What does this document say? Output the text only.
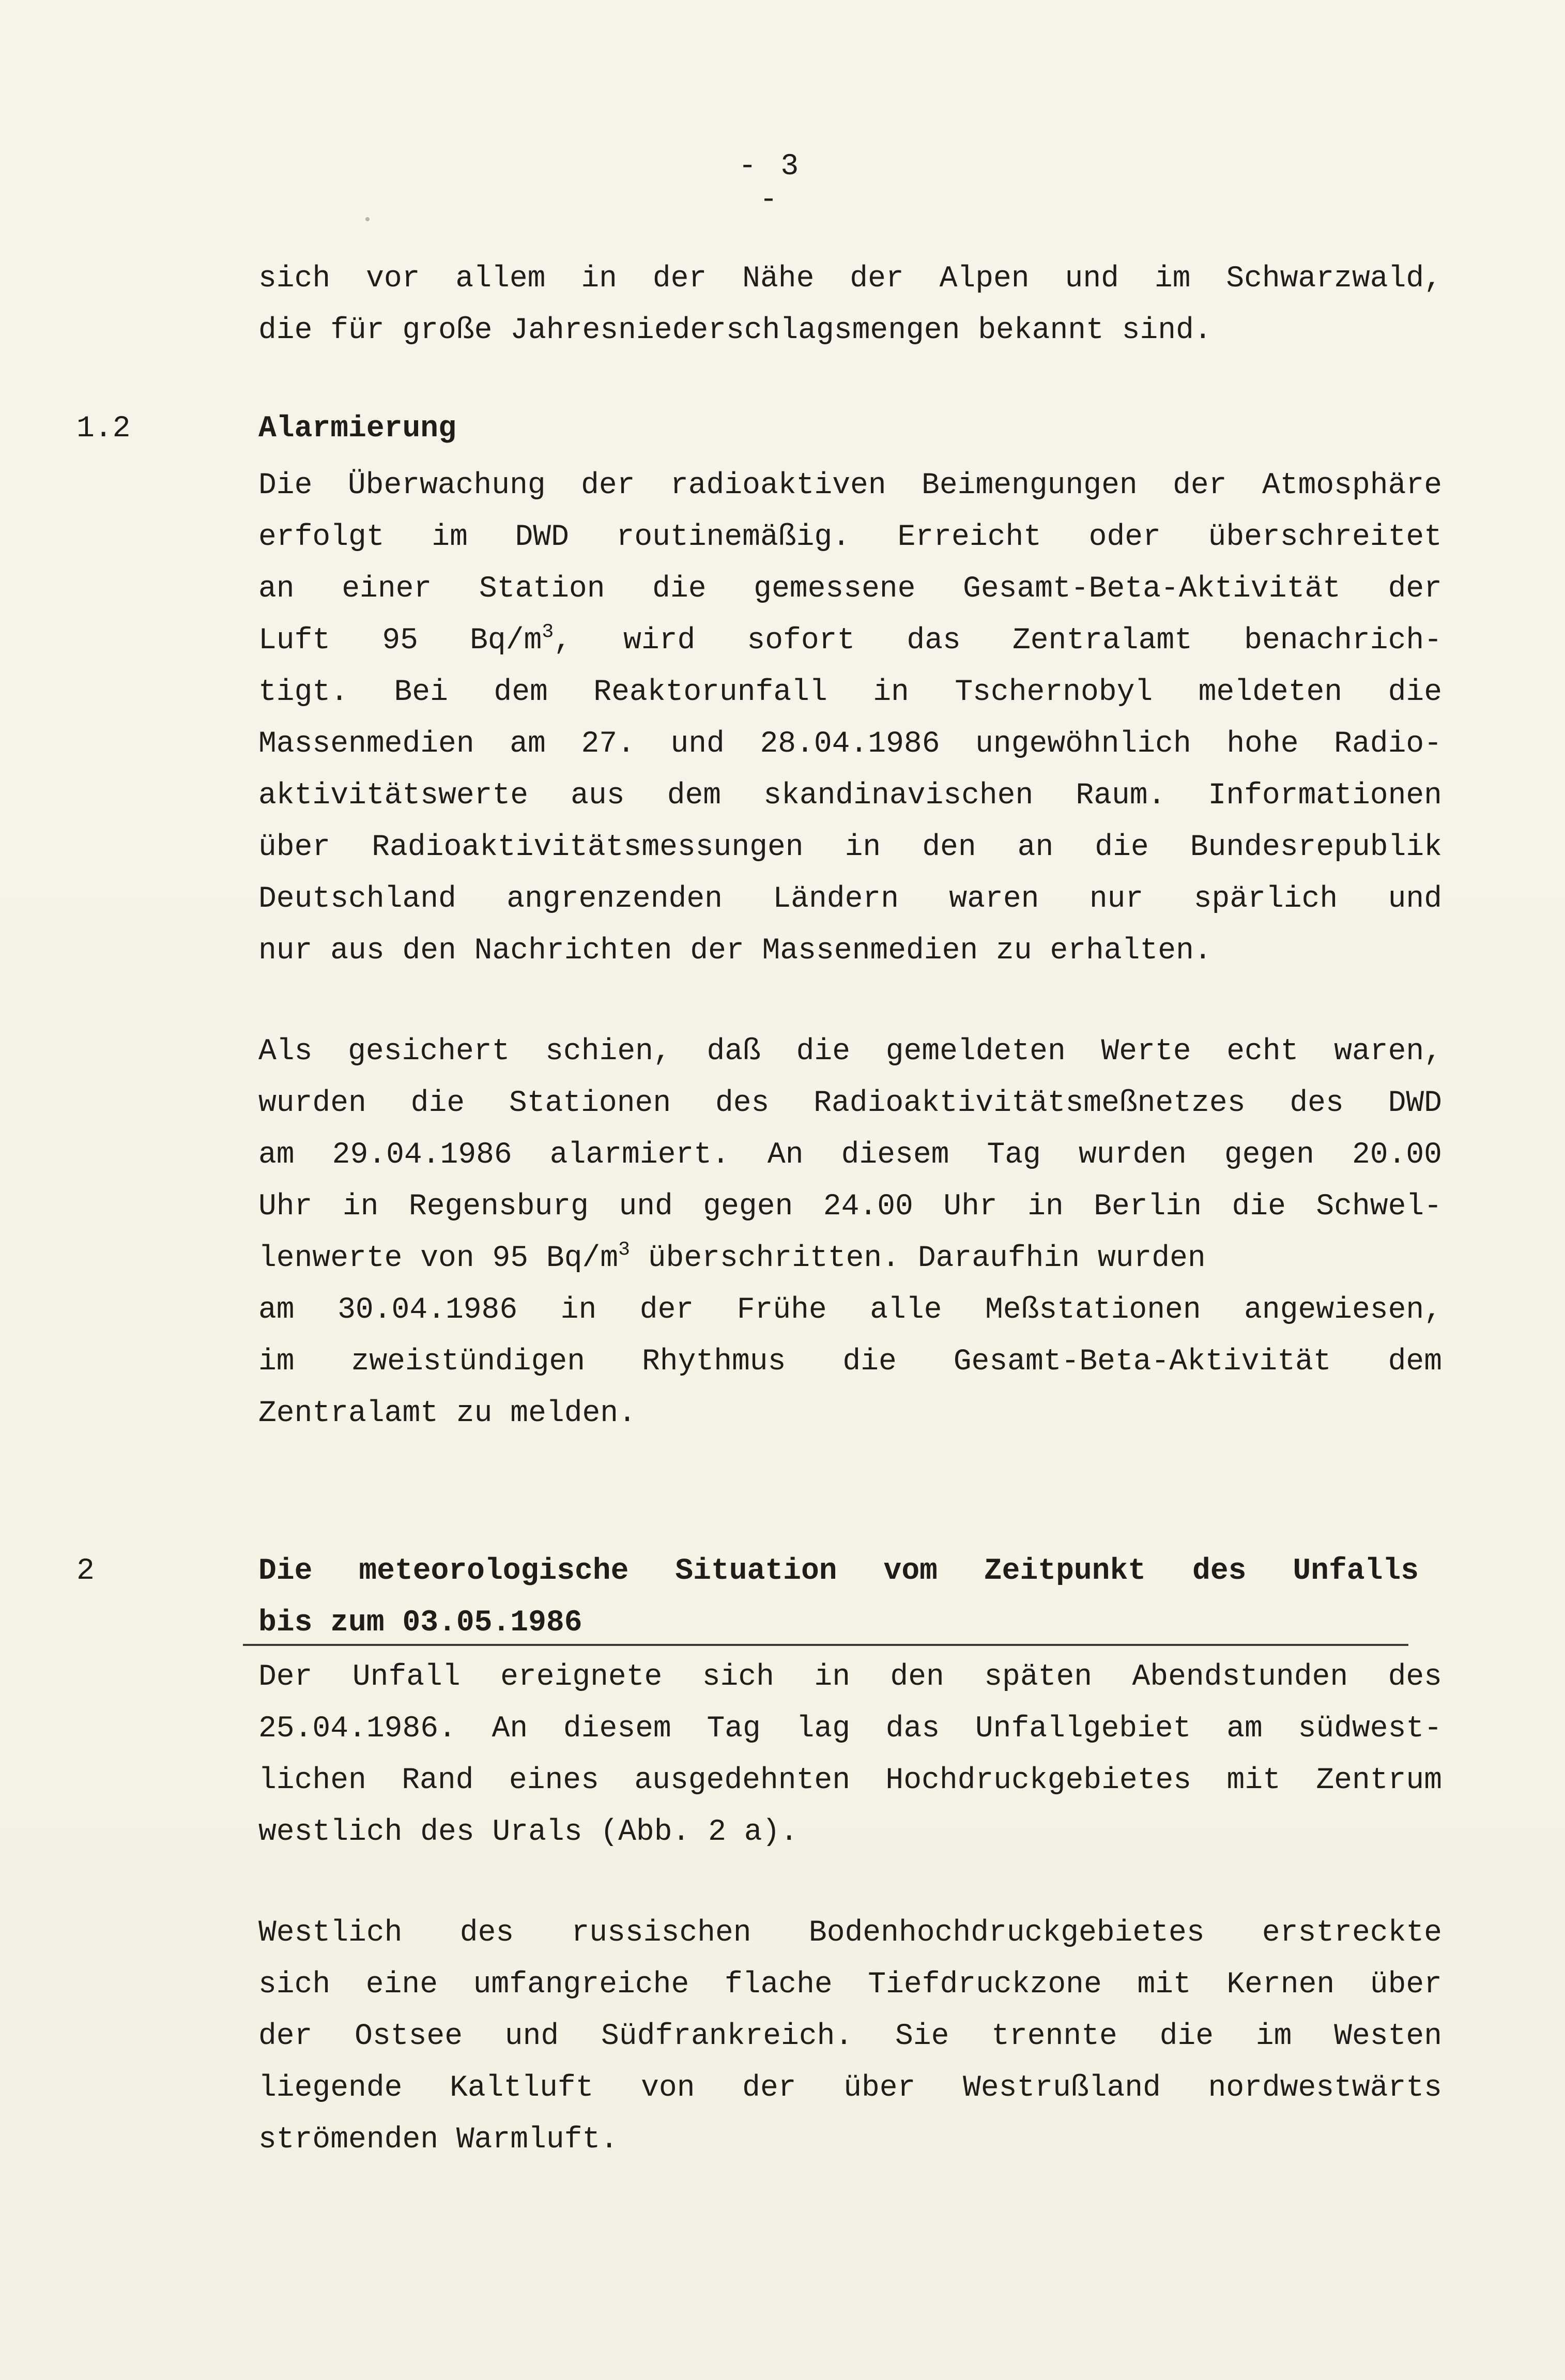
- 3 -
sich vor allem in der Nähe der Alpen und im Schwarzwald,
die für große Jahresniederschlagsmengen bekannt sind.
1.2	Alarmierung
Die Überwachung der radioaktiven Beimengungen der Atmosphäre
erfolgt im DWD routinemäßig. Erreicht oder überschreitet
an einer Station die gemessene Gesamt-Beta-Aktivität der
Luft 95 $Bq/m^3$, wird sofort das Zentralamt benachrich-
tigt. Bei dem Reaktorunfall in Tschernobyl meldeten die
Massenmedien am 27. und 28.04.1986 ungewöhnlich hohe Radio-
aktivitätswerte aus dem skandinavischen Raum. Informationen
über Radioaktivitätsmessungen in den an die Bundesrepublik
Deutschland angrenzenden Ländern waren nur spärlich und
nur aus den Nachrichten der Massenmedien zu erhalten.
Als gesichert schien, daß die gemeldeten Werte echt waren,
wurden die Stationen des Radioaktivitätsmeßnetzes des DWD
am 29.04.1986 alarmiert. An diesem Tag wurden gegen 20.00
Uhr in Regensburg und gegen 24.00 Uhr in Berlin die Schwel-
lenwerte von 95 $Bq/m^3$ überschritten. Daraufhin wurden
am 30.04.1986 in der Frühe alle Meßstationen angewiesen,
im zweistündigen Rhythmus die Gesamt-Beta-Aktivität dem
Zentralamt zu melden.
2	Die meteorologische Situation vom Zeitpunkt des Unfalls
bis zum 03.05.1986
Der Unfall ereignete sich in den späten Abendstunden des
25.04.1986. An diesem Tag lag das Unfallgebiet am südwest-
lichen Rand eines ausgedehnten Hochdruckgebietes mit Zentrum
westlich des Urals (Abb. 2 a).
Westlich des russischen Bodenhochdruckgebietes erstreckte
sich eine umfangreiche flache Tiefdruckzone mit Kernen über
der Ostsee und Südfrankreich. Sie trennte die im Westen
liegende Kaltluft von der über Westrußland nordwestwärts
strömenden Warmluft.
